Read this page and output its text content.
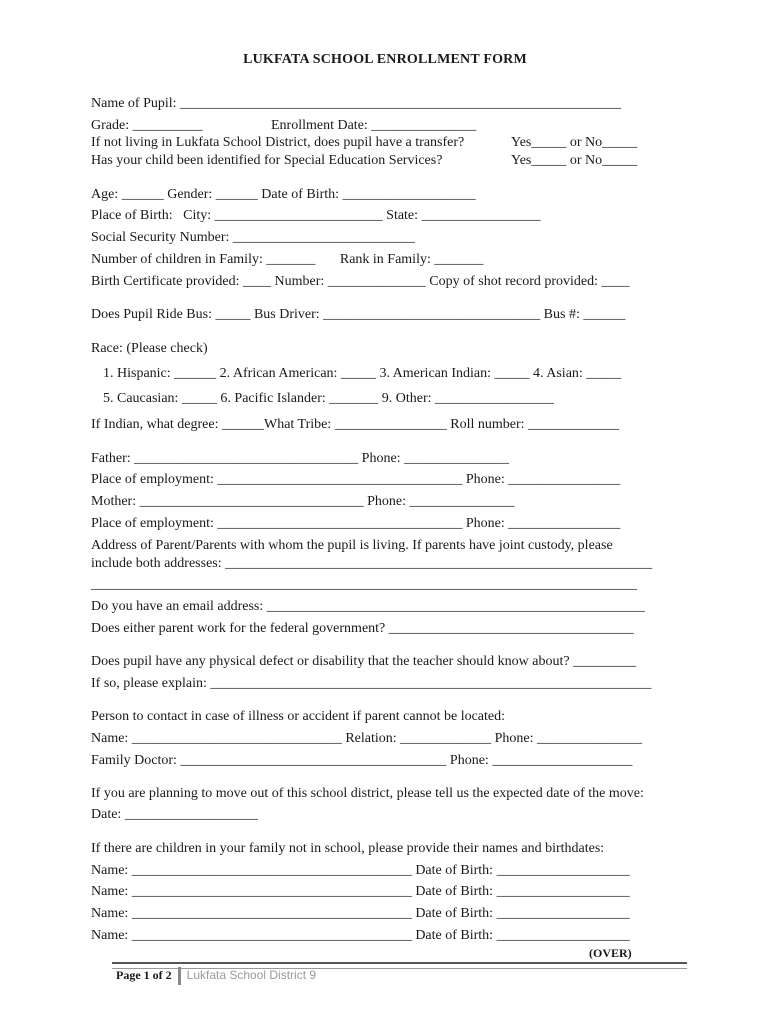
LUKFATA SCHOOL ENROLLMENT FORM
Name of Pupil: _______________________________________________________________
Grade: __________	Enrollment Date: _______________
If not living in Lukfata School District, does pupil have a transfer?	Yes_____ or No_____
Has your child been identified for Special Education Services?	Yes_____ or No_____
Age: ______ Gender: ______ Date of Birth: ___________________
Place of Birth:   City: ________________________ State: _________________
Social Security Number: __________________________
Number of children in Family: _______       Rank in Family: _______
Birth Certificate provided: ____ Number: ______________ Copy of shot record provided: ____
Does Pupil Ride Bus: _____ Bus Driver: _______________________________ Bus #: ______
Race: (Please check)
1. Hispanic: ______ 2. African American: _____ 3. American Indian: _____ 4. Asian: _____
5. Caucasian: _____ 6. Pacific Islander: _______ 9. Other: _________________
If Indian, what degree: ______What Tribe: ________________ Roll number: _____________
Father: ________________________________ Phone: _______________
Place of employment: ___________________________________ Phone: ________________
Mother: ________________________________ Phone: _______________
Place of employment: ___________________________________ Phone: ________________
Address of Parent/Parents with whom the pupil is living. If parents have joint custody, please
include both addresses: _____________________________________________________________
______________________________________________________________________________
Do you have an email address: ______________________________________________________
Does either parent work for the federal government? ___________________________________
Does pupil have any physical defect or disability that the teacher should know about? _________
If so, please explain: _______________________________________________________________
Person to contact in case of illness or accident if parent cannot be located:
Name: ______________________________ Relation: _____________ Phone: _______________
Family Doctor: ______________________________________ Phone: ____________________
If you are planning to move out of this school district, please tell us the expected date of the move:
Date: ___________________
If there are children in your family not in school, please provide their names and birthdates:
Name: ________________________________________ Date of Birth: ___________________
Name: ________________________________________ Date of Birth: ___________________
Name: ________________________________________ Date of Birth: ___________________
Name: ________________________________________ Date of Birth: ___________________
(OVER)
Page 1 of 2 Lukfata School District 9
